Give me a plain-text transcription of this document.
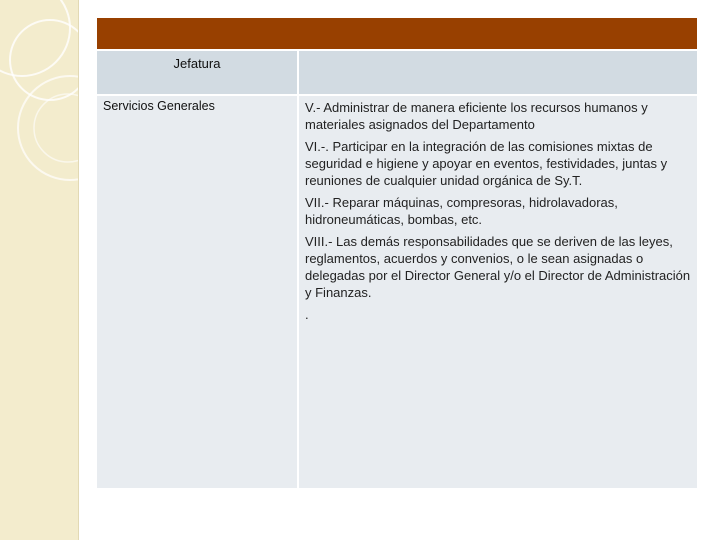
Jefatura
Servicios Generales	V.- Administrar de manera eficiente los recursos humanos y materiales asignados del Departamento

VI.-. Participar en la integración de las comisiones mixtas de seguridad e higiene y apoyar en eventos, festividades, juntas y reuniones de cualquier unidad orgánica de Sy.T.

VII.- Reparar máquinas, compresoras, hidrolavadoras, hidroneumáticas, bombas, etc.

VIII.- Las demás responsabilidades que se deriven de las leyes, reglamentos, acuerdos y convenios, o le sean asignadas o delegadas por el Director General y/o el Director de Administración y Finanzas.

.
